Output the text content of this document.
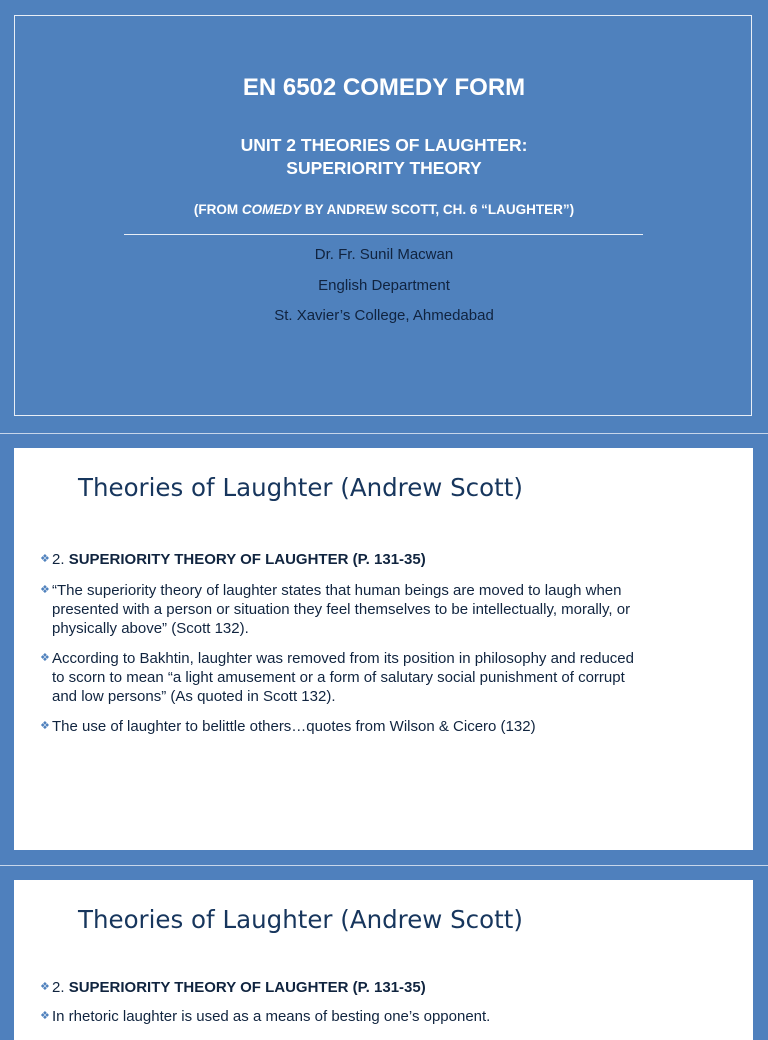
EN 6502 COMEDY FORM
UNIT 2 THEORIES OF LAUGHTER:
SUPERIORITY THEORY
(FROM COMEDY BY ANDREW SCOTT, CH. 6 “LAUGHTER”)
Dr. Fr. Sunil Macwan
English Department
St. Xavier’s College, Ahmedabad
Theories of Laughter (Andrew Scott)
❖ 2. SUPERIORITY THEORY OF LAUGHTER (P. 131-35)
❖ “The superiority theory of laughter states that human beings are moved to laugh when
presented with a person or situation they feel themselves to be intellectually, morally, or
physically above” (Scott 132).
❖ According to Bakhtin, laughter was removed from its position in philosophy and reduced
to scorn to mean “a light amusement or a form of salutary social punishment of corrupt
and low persons” (As quoted in Scott 132).
❖ The use of laughter to belittle others…quotes from Wilson & Cicero (132)
Theories of Laughter (Andrew Scott)
❖ 2. SUPERIORITY THEORY OF LAUGHTER (P. 131-35)
❖ In rhetoric laughter is used as a means of besting one’s opponent.
